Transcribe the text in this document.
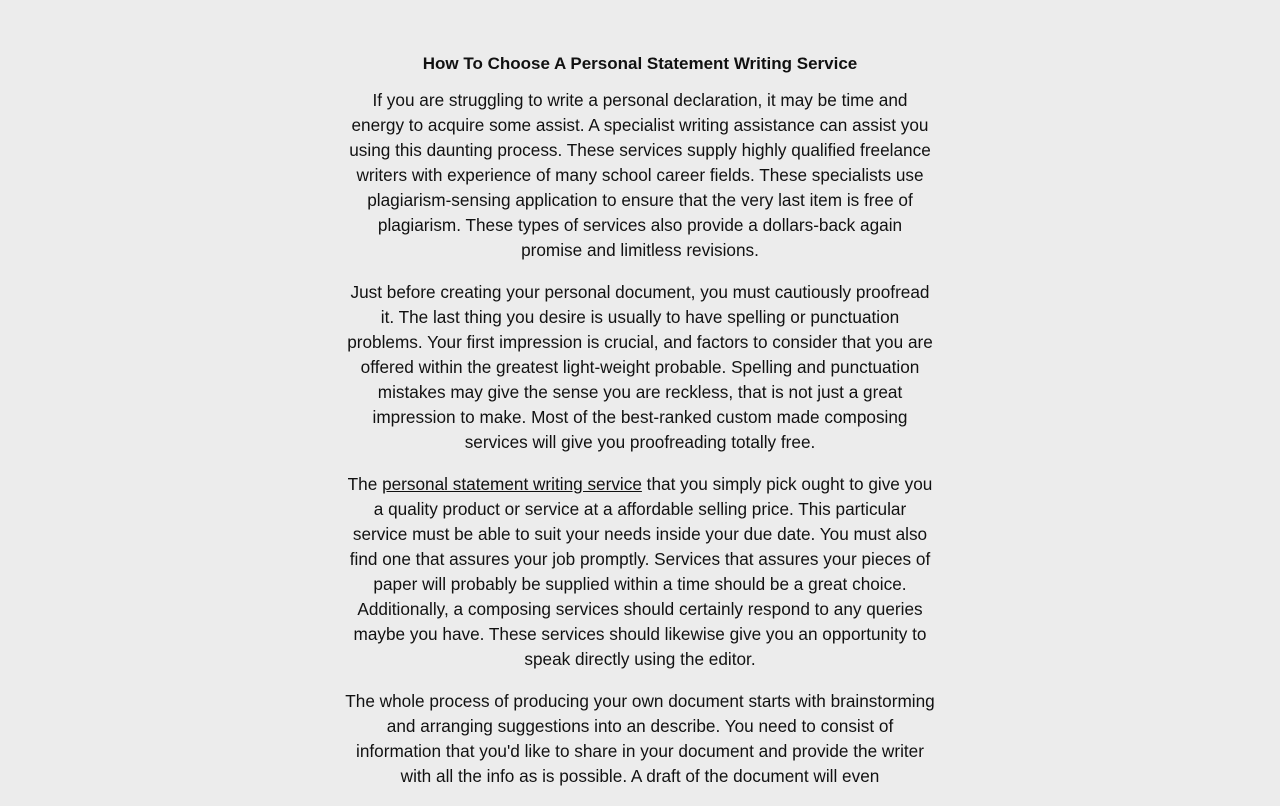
How To Choose A Personal Statement Writing Service

If you are struggling to write a personal declaration, it may be time and energy to acquire some assist. A specialist writing assistance can assist you using this daunting process. These services supply highly qualified freelance writers with experience of many school career fields. These specialists use plagiarism-sensing application to ensure that the very last item is free of plagiarism. These types of services also provide a dollars-back again promise and limitless revisions.

Just before creating your personal document, you must cautiously proofread it. The last thing you desire is usually to have spelling or punctuation problems. Your first impression is crucial, and factors to consider that you are offered within the greatest light-weight probable. Spelling and punctuation mistakes may give the sense you are reckless, that is not just a great impression to make. Most of the best-ranked custom made composing services will give you proofreading totally free.

The personal statement writing service that you simply pick ought to give you a quality product or service at a affordable selling price. This particular service must be able to suit your needs inside your due date. You must also find one that assures your job promptly. Services that assures your pieces of paper will probably be supplied within a time should be a great choice. Additionally, a composing services should certainly respond to any queries maybe you have. These services should likewise give you an opportunity to speak directly using the editor.

The whole process of producing your own document starts with brainstorming and arranging suggestions into an describe. You need to consist of information that you'd like to share in your document and provide the writer with all the info as is possible. A draft of the document will even
